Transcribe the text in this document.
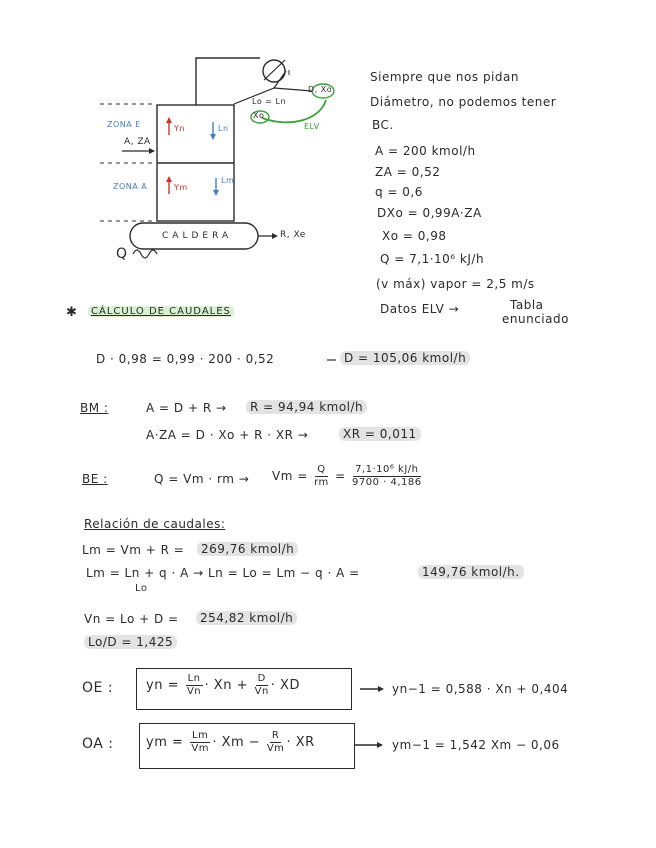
ZONA E
ZONA A
A, ZA
Yn	Ln
Ym
Lm
CALDERA	R, Xe
Q
Lo = Ln
D, Xo
Xo
ELV
Siempre que nos pidan
Diámetro, no podemos tener
BC.
A = 200 kmol/h
ZA = 0,52
q = 0,6
DXo = 0,99A·ZA
Xo = 0,98
Q = 7,1·10⁶ kJ/h
(v máx) vapor = 2,5 m/s
Datos ELV →	Tabla
enunciado
✱	CÁLCULO DE CAUDALES
D · 0,98 = 0,99 · 200 · 0,52	D = 105,06 kmol/h
BM :	A = D + R →	R = 94,94 kmol/h
A·ZA = D · Xo + R · XR →	XR = 0,011
BE :	Q = Vm · rm → $Vm = \frac{Q}{rm} = \frac{\text{7,1·10⁶ kJ/h}}{9700 \cdot 4,186}$
Relación de caudales:
Lm = Vm + R =	269,76 kmol/h
Lm = Ln + q · A → Ln = Lo = Lm − q · A =
Lo
149,76 kmol/h.
Vn = Lo + D =	254,82 kmol/h
Lo/D = 1,425
OE :	yn = $\frac{Ln}{Vn} \cdot Xn + \frac{D}{Vn}$ · XD	yn−1 = 0,588 · Xn + 0,404
OA : ym = $\frac{Lm}{Vm} \cdot Xm - \frac{R}{Vm}$ · XR	ym−1 = 1,542 Xm − 0,06
